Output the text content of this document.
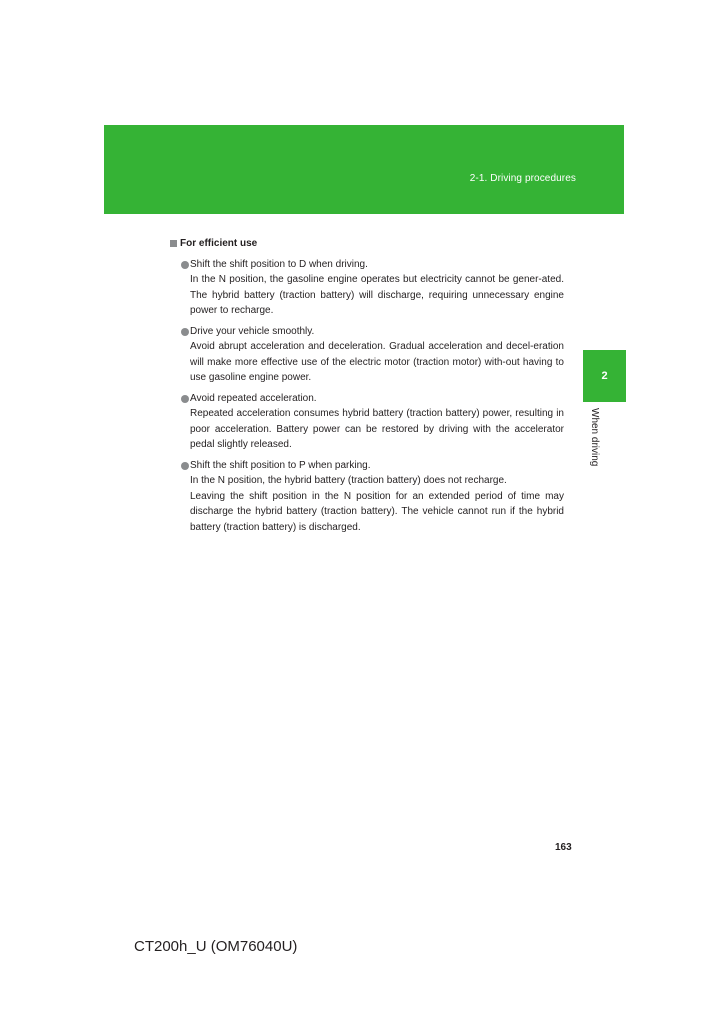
2-1. Driving procedures
2
When driving
For efficient use

Shift the shift position to D when driving.

In the N position, the gasoline engine operates but electricity cannot be gener-ated. The hybrid battery (traction battery) will discharge, requiring unnecessary engine power to recharge.

Drive your vehicle smoothly.

Avoid abrupt acceleration and deceleration. Gradual acceleration and decel-eration will make more effective use of the electric motor (traction motor) with-out having to use gasoline engine power.

Avoid repeated acceleration.

Repeated acceleration consumes hybrid battery (traction battery) power, resulting in poor acceleration. Battery power can be restored by driving with the accelerator pedal slightly released.

Shift the shift position to P when parking.

In the N position, the hybrid battery (traction battery) does not recharge.

Leaving the shift position in the N position for an extended period of time may discharge the hybrid battery (traction battery). The vehicle cannot run if the hybrid battery (traction battery) is discharged.

163
CT200h_U (OM76040U)
